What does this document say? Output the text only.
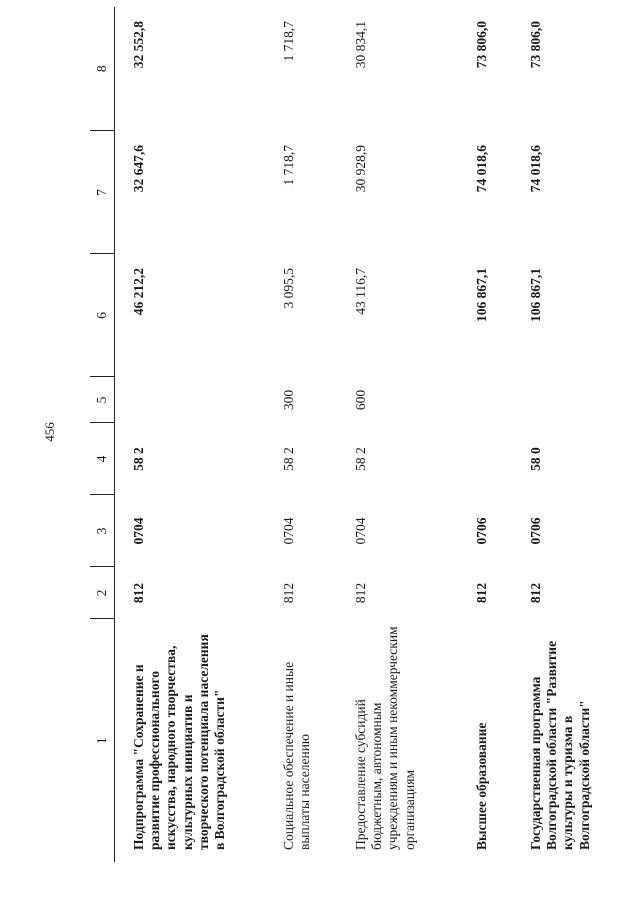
456
1	2	3	4	5	6	7	8
Подпрограмма "Сохранение и развитие профессионального искусства, народного творчества, культурных инициатив и творческого потенциала населения в Волгоградской области"	812	0704	58 2		46 212,2	32 647,6	32 552,8
Социальное обеспечение и иные выплаты населению	812	0704	58 2	300	3 095,5	1 718,7	1 718,7
Предоставление субсидий бюджетным, автономным учреждениям и иным некоммерческим организациям	812	0704	58 2	600	43 116,7	30 928,9	30 834,1
Высшее образование	812	0706			106 867,1	74 018,6	73 806,0
Государственная программа Волгоградской области "Развитие культуры и туризма в Волгоградской области"	812	0706	58 0		106 867,1	74 018,6	73 806,0
